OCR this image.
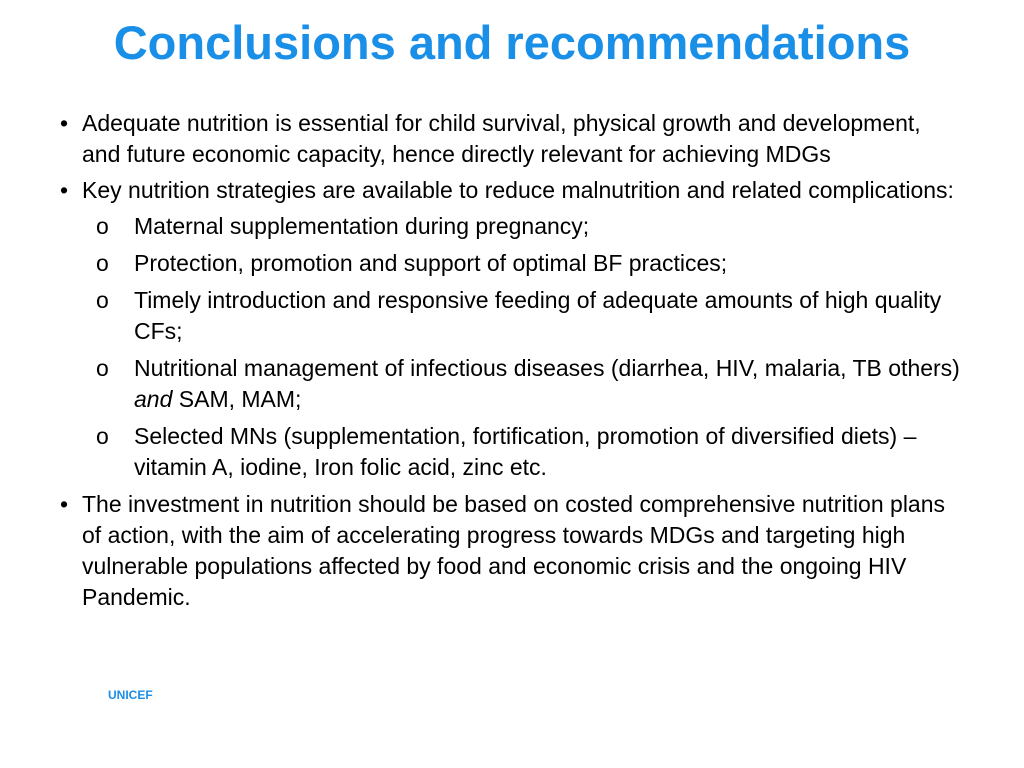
Conclusions and recommendations
• Adequate nutrition is essential for child survival, physical growth and development, and future economic capacity, hence directly relevant for achieving MDGs
• Key nutrition strategies are available to reduce malnutrition and related complications:
o Maternal supplementation during pregnancy;
o Protection, promotion and support of optimal BF practices;
o Timely introduction and responsive feeding of adequate amounts of high quality CFs;
o Nutritional management of infectious diseases (diarrhea, HIV, malaria, TB others) and SAM, MAM;
o Selected MNs (supplementation, fortification, promotion of diversified diets) – vitamin A, iodine, Iron folic acid, zinc etc.
• The investment in nutrition should be based on costed comprehensive nutrition plans of action, with the aim of accelerating progress towards MDGs and targeting high vulnerable populations affected by food and economic crisis and the ongoing HIV Pandemic.
UNICEF
